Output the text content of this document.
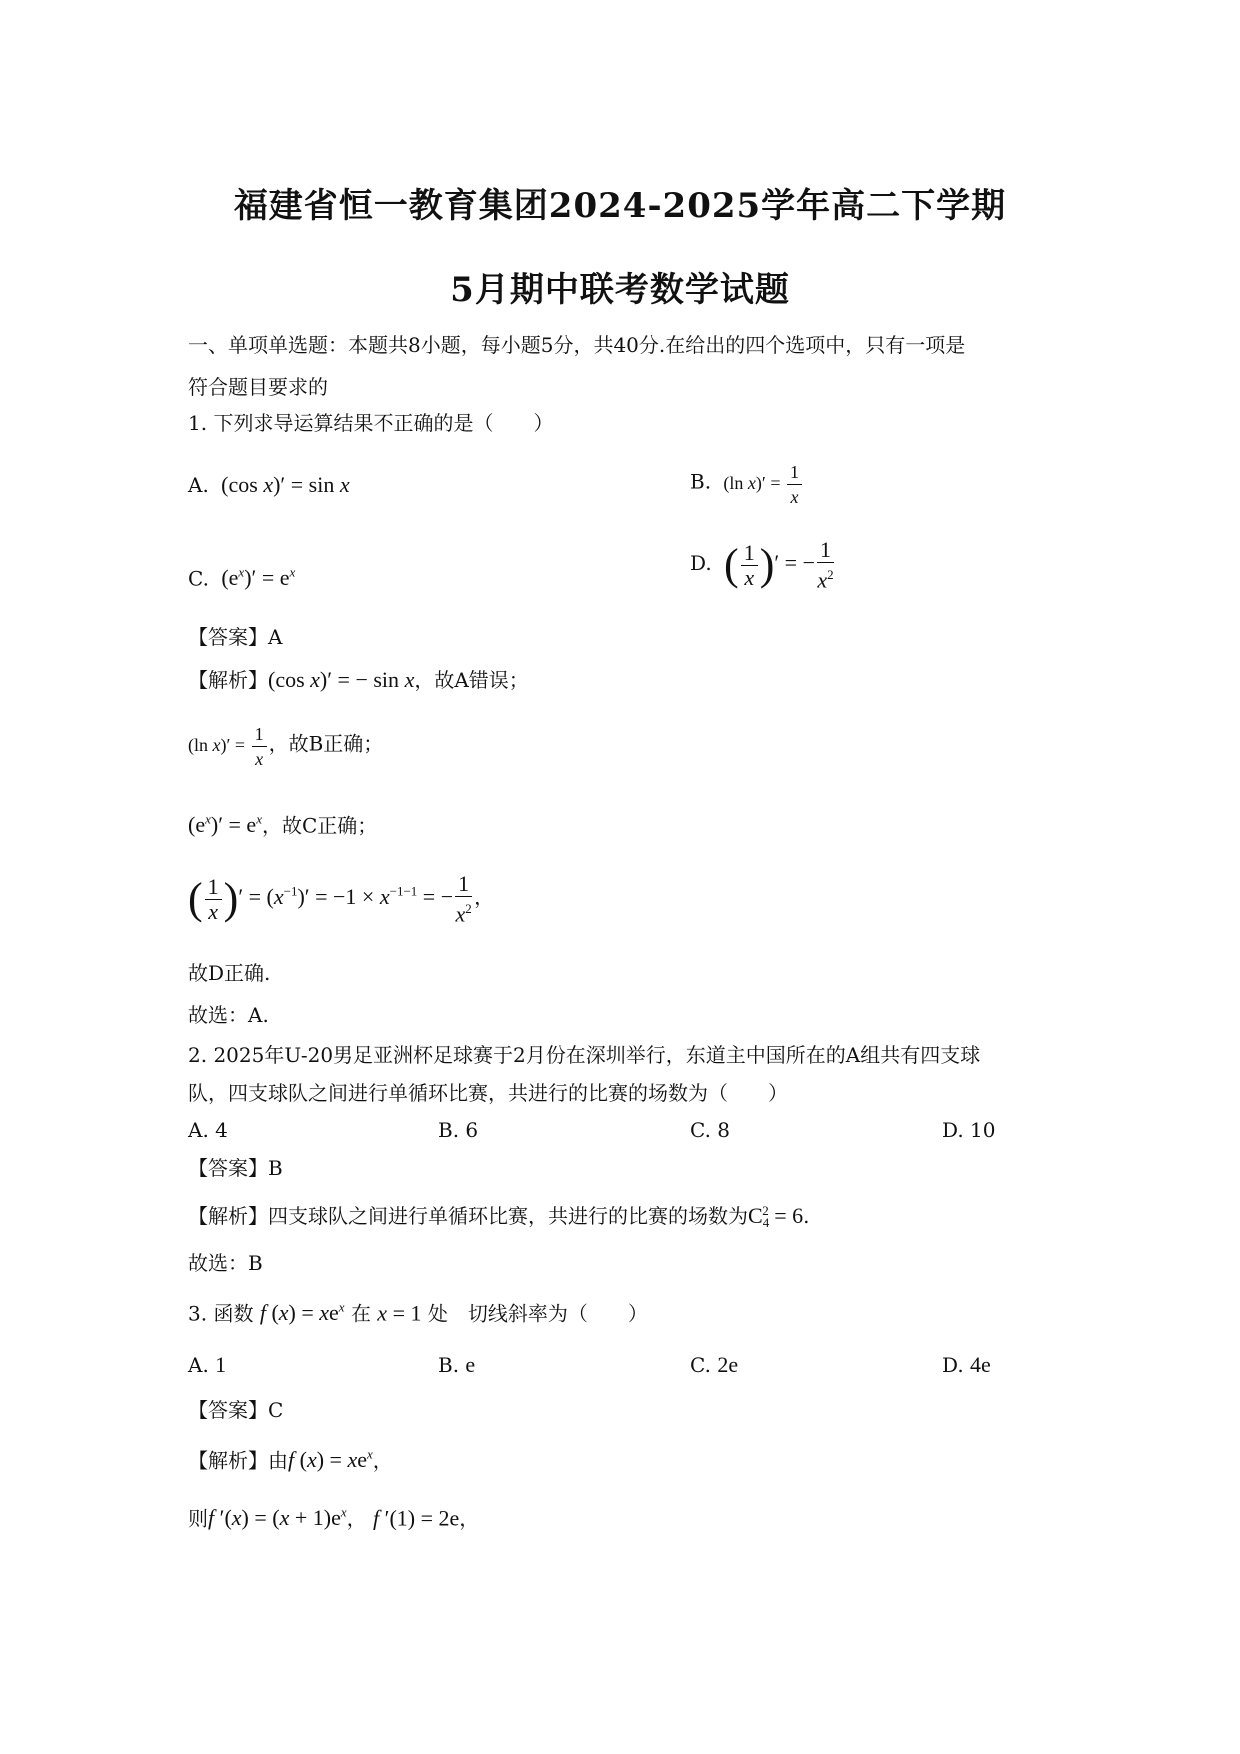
福建省恒一教育集团2024-2025学年高二下学期
5月期中联考数学试题
一、单项单选题：本题共8小题，每小题5分，共40分.在给出的四个选项中，只有一项是
符合题目要求的
1. 下列求导运算结果不正确的是（　　）
A. (cos x)′ = sin x	B. (ln $x)' = \frac{1}{x}$
C. $(e^x)' = e^x$	D. ( $\frac{1}{x}$ )′ = − $\frac{1}{x^2}$
【答案】A
【解析】(cos x)′ = − sin x，故A错误；
(ln $x)' = \frac{1}{x}$ ，故B正确；
$(e^x)' = e^x$，故C正确；
( $\frac{1}{x}$ )′ = $(x^{-1})' = -1 \times x^{-1-1}$ = − $\frac{1}{x^2}$ ，
故D正确.
故选：A.
2. 2025年U-20男足亚洲杯足球赛于2月份在深圳举行，东道主中国所在的A组共有四支球
队，四支球队之间进行单循环比赛，共进行的比赛的场数为（　　）
A. 4	B. 6	C. 8	D. 10
【答案】B
【解析】四支球队之间进行单循环比赛，共进行的比赛的场数为$C_4^2 = 6$.
故选：B
3. 函数 f $(x) = xe^x$ 在 x = 1 处　切线斜率为（　　）
A. 1	B. e	C. 2e	D. 4e
【答案】C
【解析】由f $(x) = xe^x$，
则f $'(x) = (x + 1)e^x$， f ′(1) = 2e，
